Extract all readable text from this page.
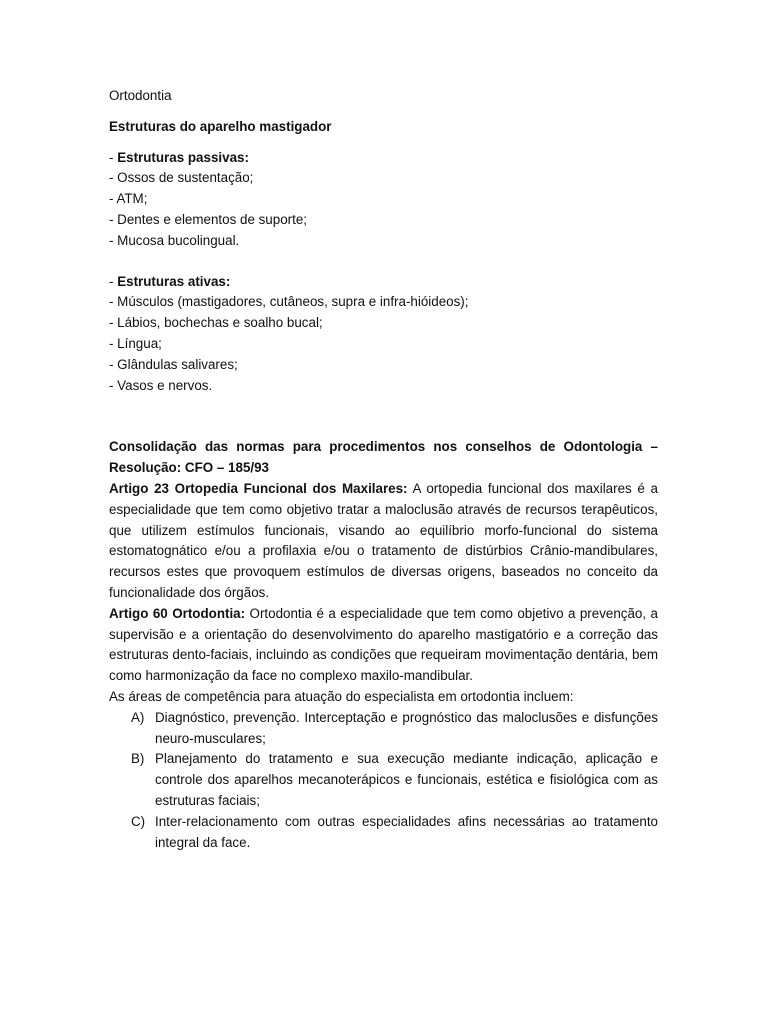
Ortodontia
Estruturas do aparelho mastigador
- Estruturas passivas:
- Ossos de sustentação;
- ATM;
- Dentes e elementos de suporte;
- Mucosa bucolingual.
- Estruturas ativas:
- Músculos (mastigadores, cutâneos, supra e infra-hióideos);
- Lábios, bochechas e soalho bucal;
- Língua;
- Glândulas salivares;
- Vasos e nervos.

Consolidação das normas para procedimentos nos conselhos de Odontologia – Resolução: CFO – 185/93

Artigo 23 Ortopedia Funcional dos Maxilares: A ortopedia funcional dos maxilares é a especialidade que tem como objetivo tratar a maloclusão através de recursos terapêuticos, que utilizem estímulos funcionais, visando ao equilíbrio morfo-funcional do sistema estomatognático e/ou a profilaxia e/ou o tratamento de distúrbios Crânio-mandibulares, recursos estes que provoquem estímulos de diversas origens, baseados no conceito da funcionalidade dos órgãos.

Artigo 60 Ortodontia: Ortodontia é a especialidade que tem como objetivo a prevenção, a supervisão e a orientação do desenvolvimento do aparelho mastigatório e a correção das estruturas dento-faciais, incluindo as condições que requeiram movimentação dentária, bem como harmonização da face no complexo maxilo-mandibular.

As áreas de competência para atuação do especialista em ortodontia incluem:

A) Diagnóstico, prevenção. Interceptação e prognóstico das maloclusões e disfunções neuro-musculares;
B) Planejamento do tratamento e sua execução mediante indicação, aplicação e controle dos aparelhos mecanoterápicos e funcionais, estética e fisiológica com as estruturas faciais;
C) Inter-relacionamento com outras especialidades afins necessárias ao tratamento integral da face.
